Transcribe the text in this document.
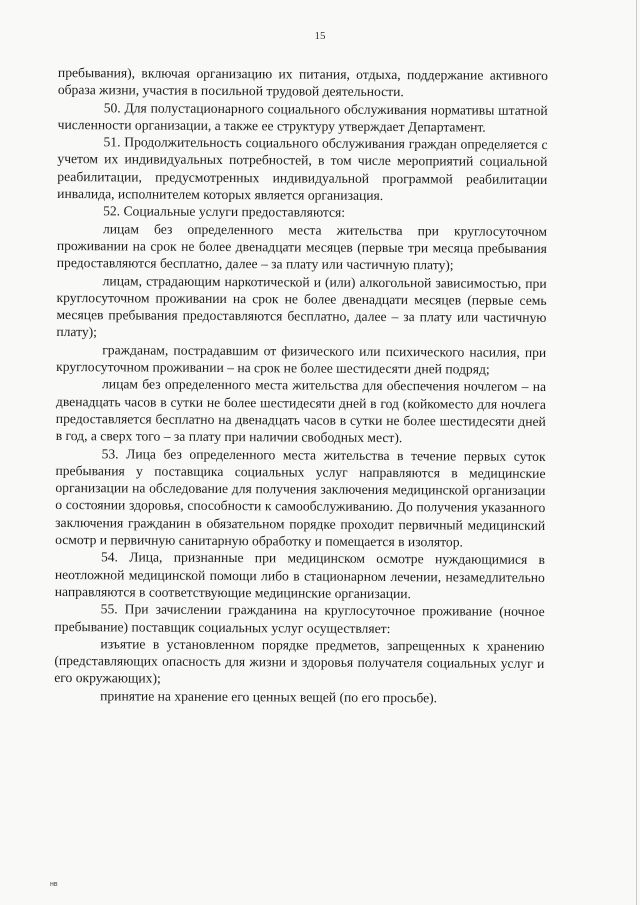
15

пребывания), включая организацию их питания, отдыха, поддержание активного образа жизни, участия в посильной трудовой деятельности.

50. Для полустационарного социального обслуживания нормативы штатной численности организации, а также ее структуру утверждает Департамент.

51. Продолжительность социального обслуживания граждан определяется с учетом их индивидуальных потребностей, в том числе мероприятий социальной реабилитации, предусмотренных индивидуальной программой реабилитации инвалида, исполнителем которых является организация.

52. Социальные услуги предоставляются:

лицам без определенного места жительства при круглосуточном проживании на срок не более двенадцати месяцев (первые три месяца пребывания предоставляются бесплатно, далее – за плату или частичную плату);

лицам, страдающим наркотической и (или) алкогольной зависимостью, при круглосуточном проживании на срок не более двенадцати месяцев (первые семь месяцев пребывания предоставляются бесплатно, далее – за плату или частичную плату);

гражданам, пострадавшим от физического или психического насилия, при круглосуточном проживании – на срок не более шестидесяти дней подряд;

лицам без определенного места жительства для обеспечения ночлегом – на двенадцать часов в сутки не более шестидесяти дней в год (койкоместо для ночлега предоставляется бесплатно на двенадцать часов в сутки не более шестидесяти дней в год, а сверх того – за плату при наличии свободных мест).

53. Лица без определенного места жительства в течение первых суток пребывания у поставщика социальных услуг направляются в медицинские организации на обследование для получения заключения медицинской организации о состоянии здоровья, способности к самообслуживанию. До получения указанного заключения гражданин в обязательном порядке проходит первичный медицинский осмотр и первичную санитарную обработку и помещается в изолятор.

54. Лица, признанные при медицинском осмотре нуждающимися в неотложной медицинской помощи либо в стационарном лечении, незамедлительно направляются в соответствующие медицинские организации.

55. При зачислении гражданина на круглосуточное проживание (ночное пребывание) поставщик социальных услуг осуществляет:

изъятие в установленном порядке предметов, запрещенных к хранению (представляющих опасность для жизни и здоровья получателя социальных услуг и его окружающих);

принятие на хранение его ценных вещей (по его просьбе).

нв
